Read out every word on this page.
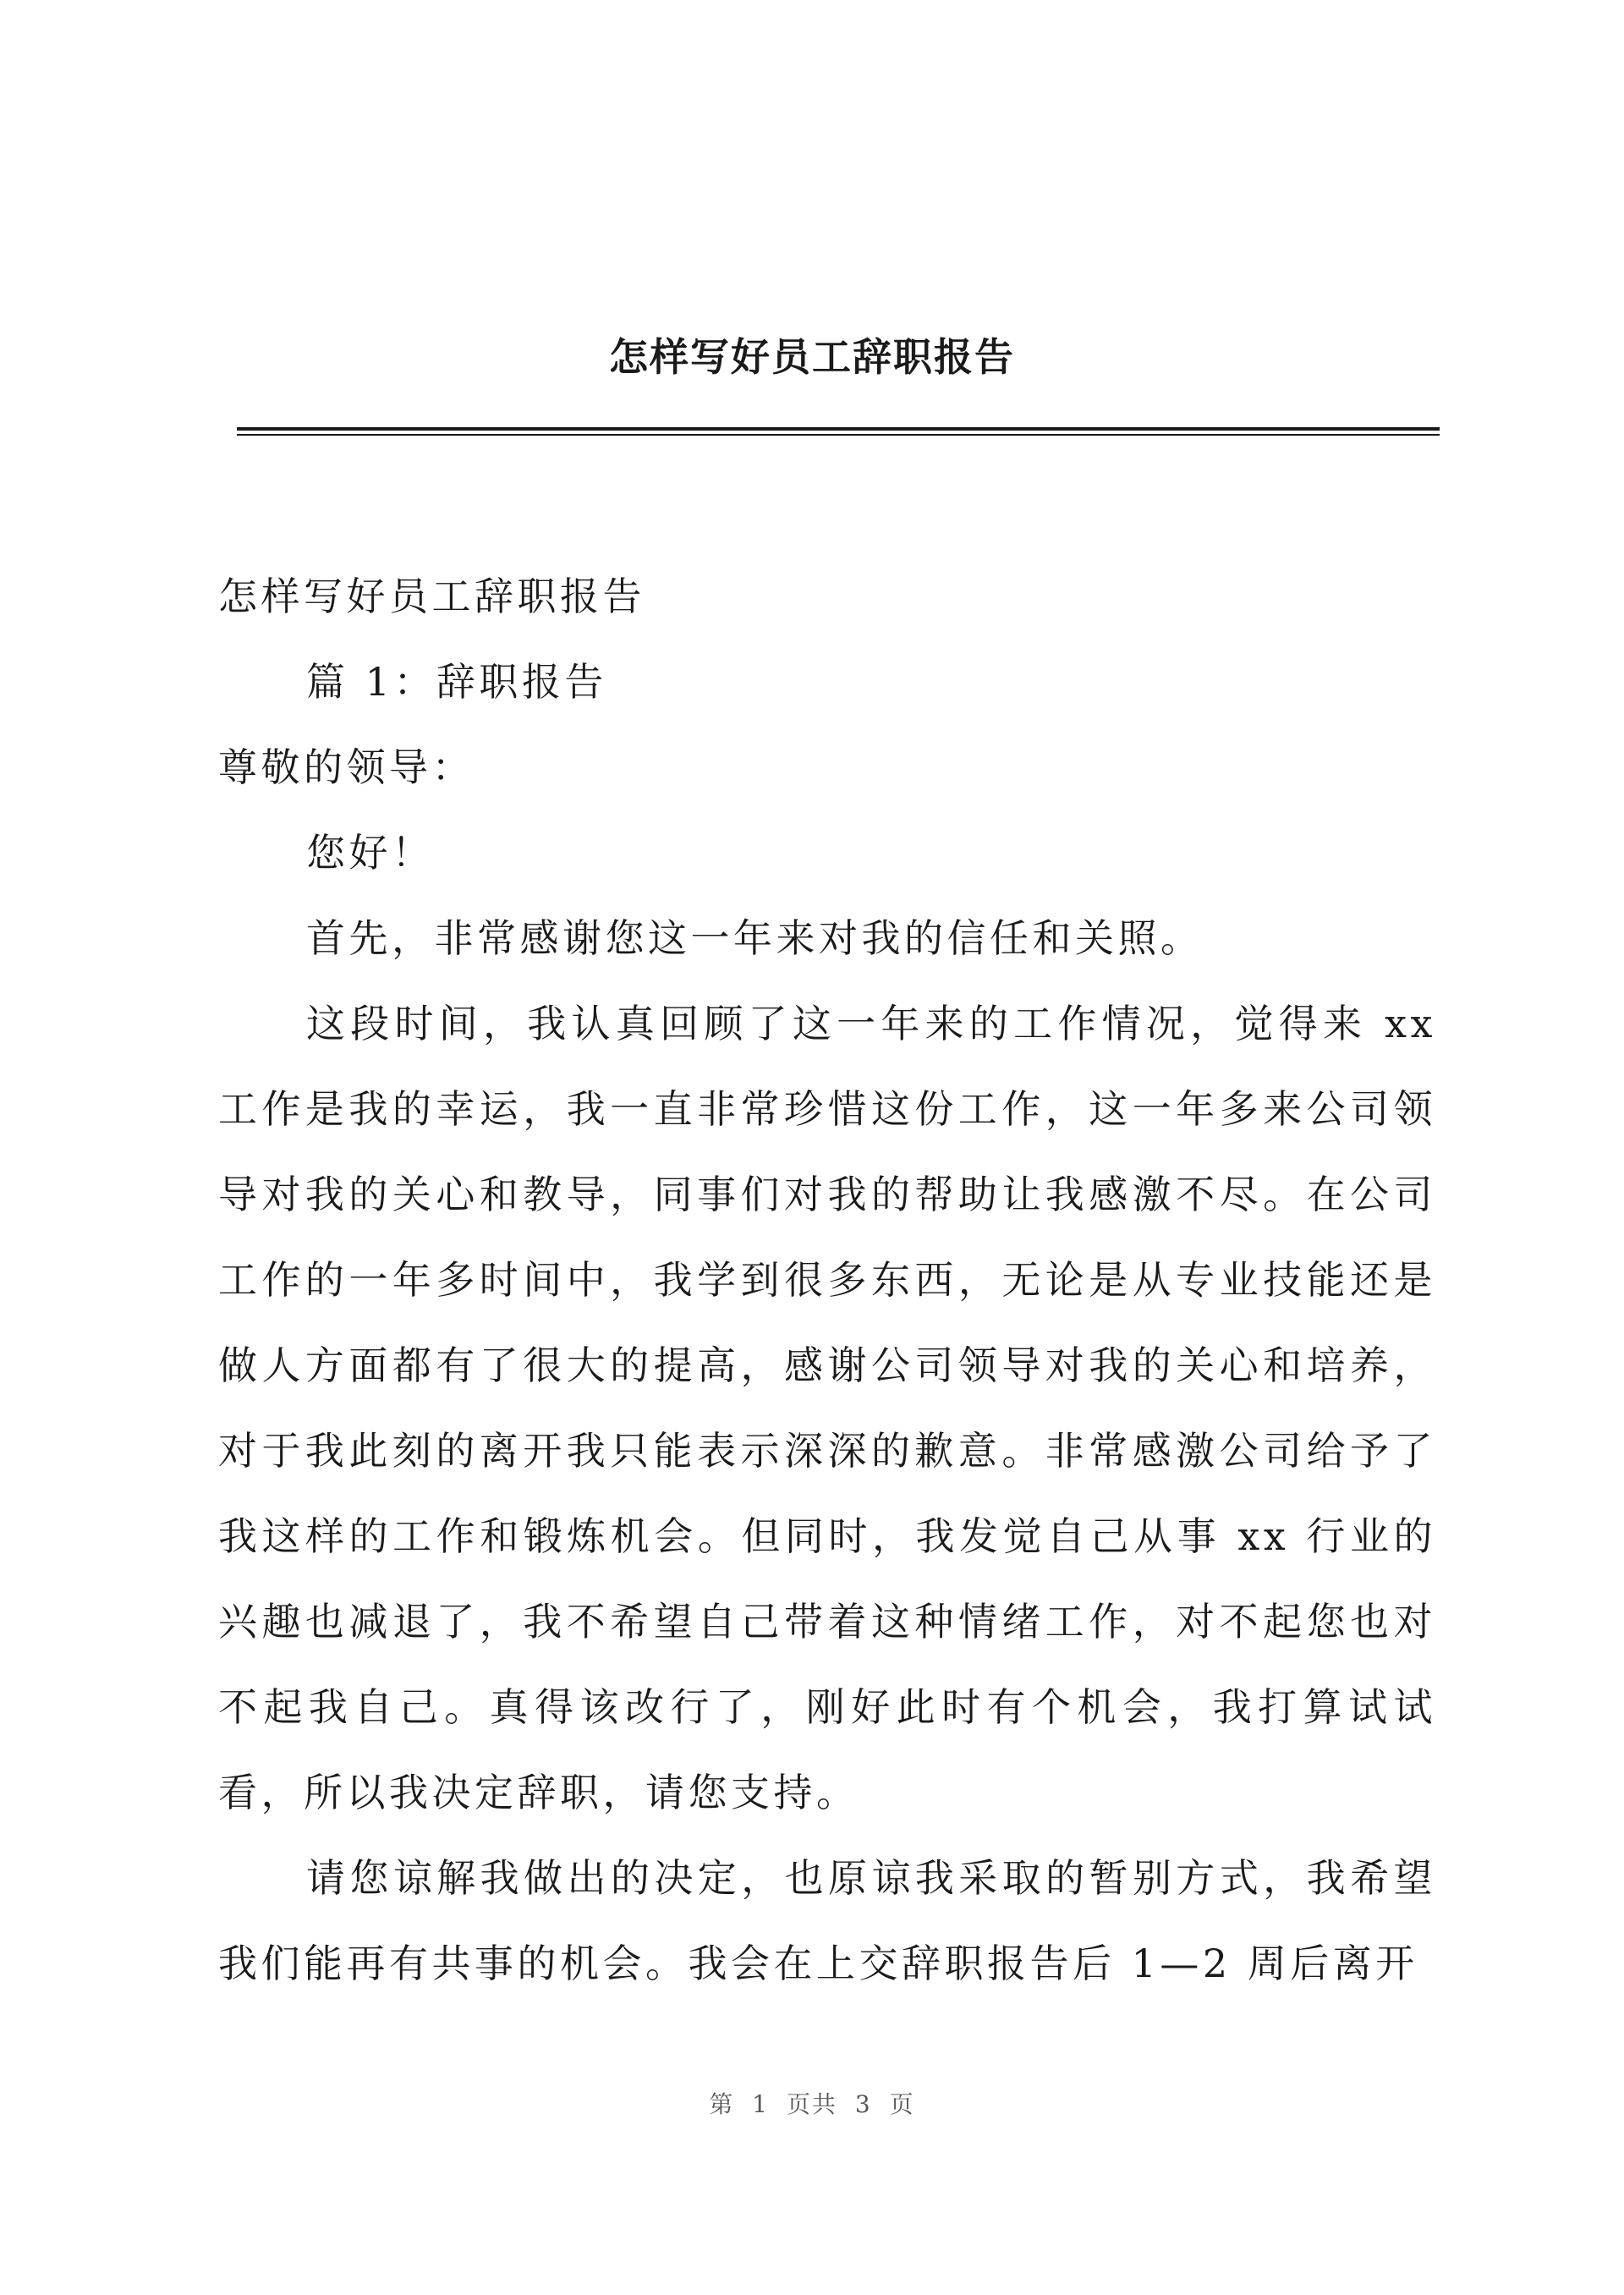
怎样写好员工辞职报告

怎样写好员工辞职报告

篇 1：辞职报告

尊敬的领导：

您好！

首先，非常感谢您这一年来对我的信任和关照。

这段时间，我认真回顾了这一年来的工作情况，觉得来 xx 工作是我的幸运，我一直非常珍惜这份工作，这一年多来公司领导对我的关心和教导，同事们对我的帮助让我感激不尽。在公司工作的一年多时间中，我学到很多东西，无论是从专业技能还是做人方面都有了很大的提高，感谢公司领导对我的关心和培养，对于我此刻的离开我只能表示深深的歉意。非常感激公司给予了我这样的工作和锻炼机会。但同时，我发觉自己从事 xx 行业的兴趣也减退了，我不希望自己带着这种情绪工作，对不起您也对不起我自己。真得该改行了，刚好此时有个机会，我打算试试看，所以我决定辞职，请您支持。

请您谅解我做出的决定，也原谅我采取的暂别方式，我希望我们能再有共事的机会。我会在上交辞职报告后 1—2 周后离开

第 1 页共 3 页
